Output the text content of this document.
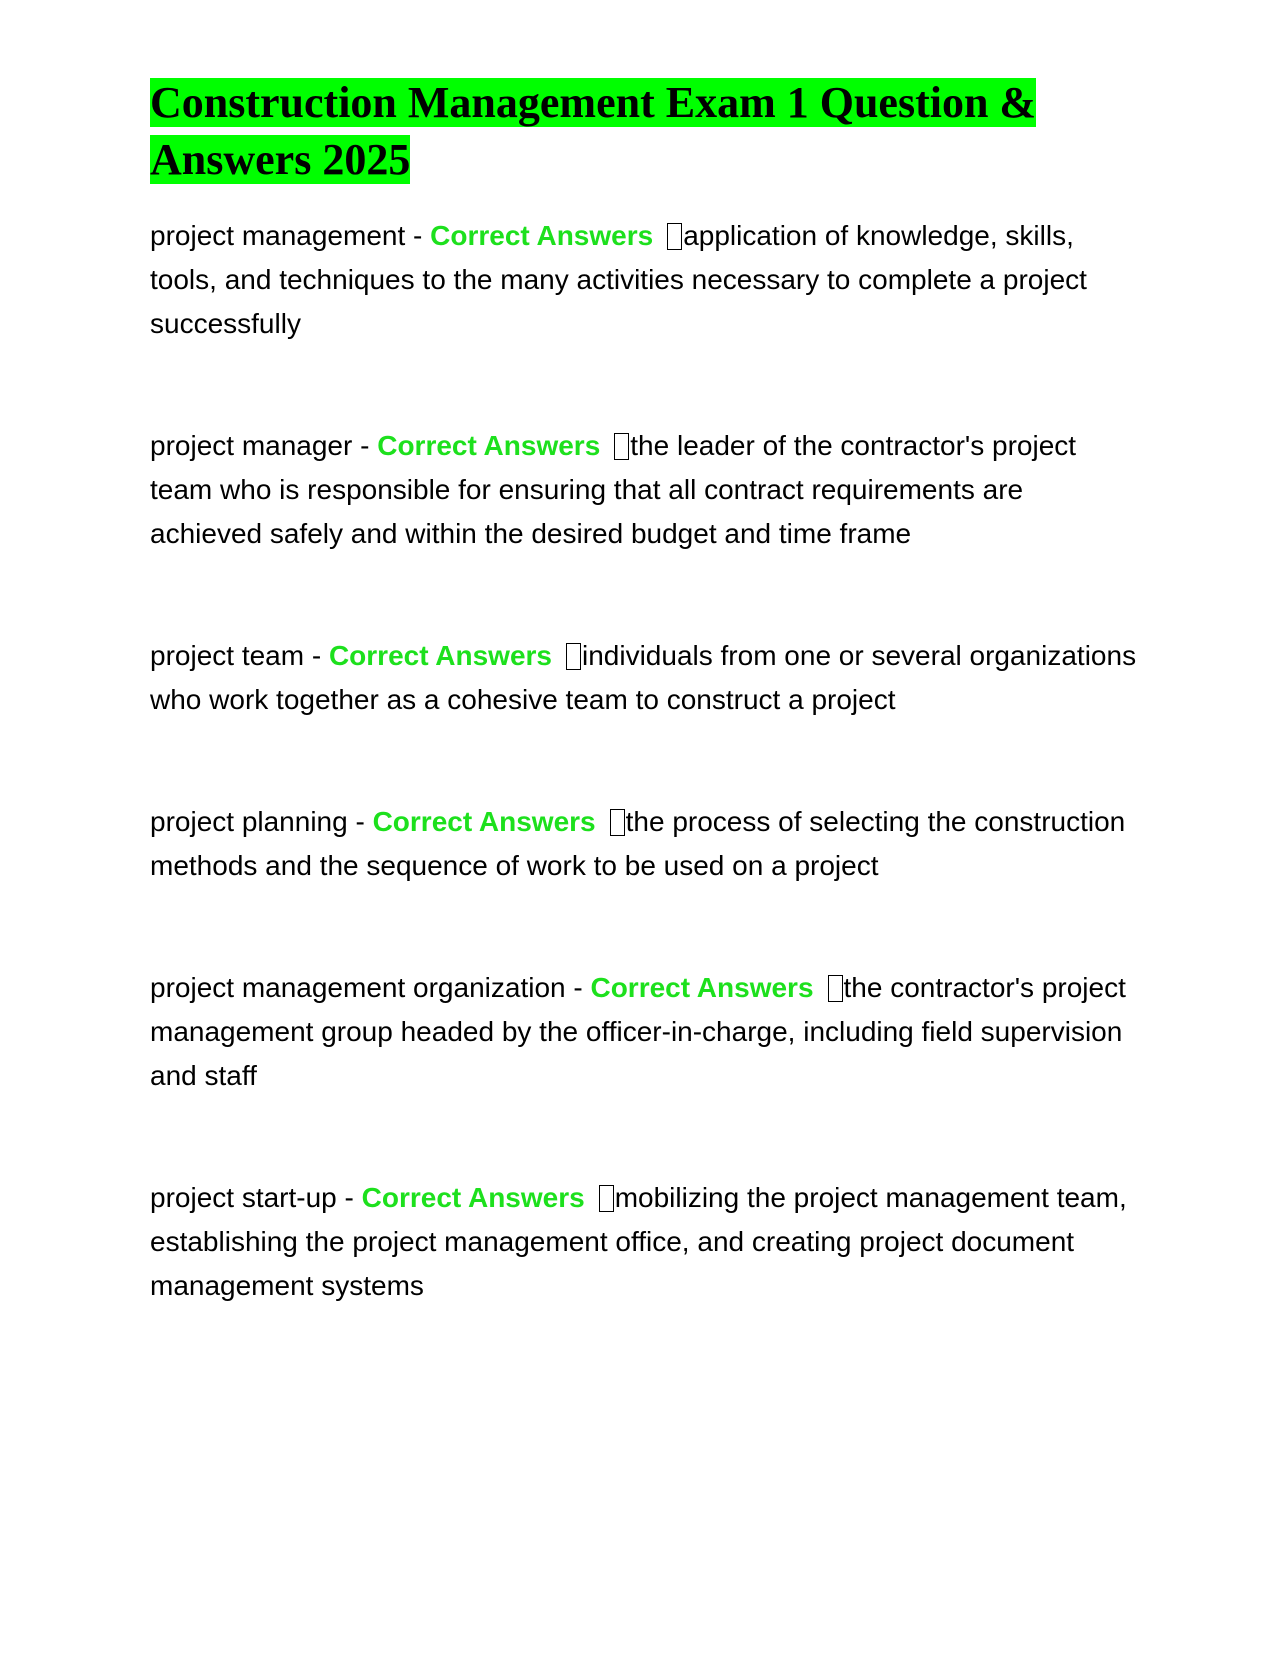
Construction Management Exam 1 Question & Answers 2025

project management - Correct Answers application of knowledge, skills, tools, and techniques to the many activities necessary to complete a project successfully

project manager - Correct Answers the leader of the contractor's project team who is responsible for ensuring that all contract requirements are achieved safely and within the desired budget and time frame

project team - Correct Answers individuals from one or several organizations who work together as a cohesive team to construct a project

project planning - Correct Answers the process of selecting the construction methods and the sequence of work to be used on a project

project management organization - Correct Answers the contractor's project management group headed by the officer-in-charge, including field supervision and staff

project start-up - Correct Answers mobilizing the project management team, establishing the project management office, and creating project document management systems
